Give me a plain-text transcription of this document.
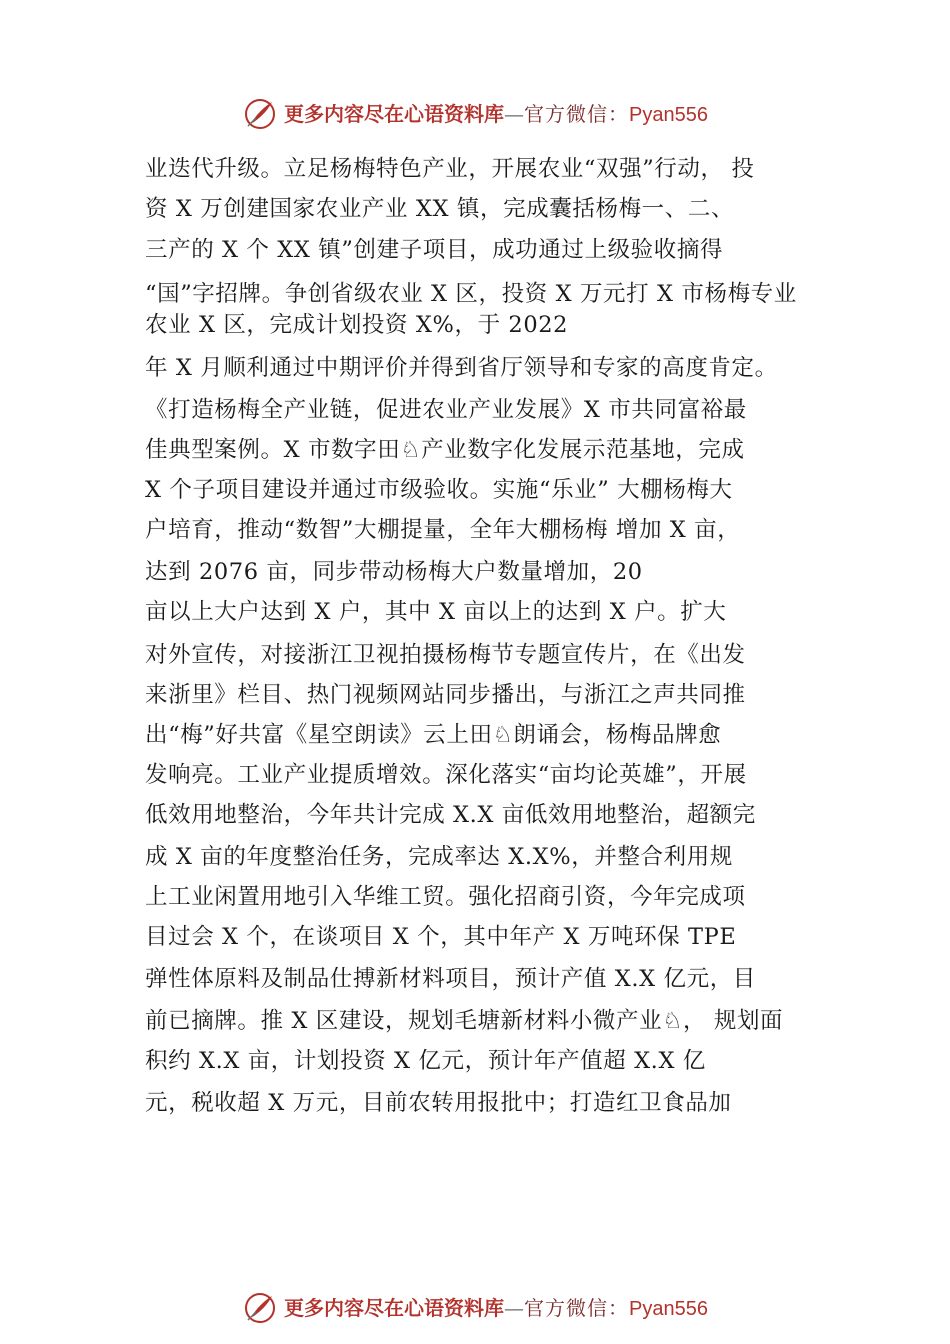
更多内容尽在心语资料库—官方微信：Pyan556
业迭代升级。立足杨梅特色产业，开展农业“双强”行动， 投
资 X 万创建国家农业产业 XX 镇，完成囊括杨梅一、二、
三产的 X 个 XX 镇”创建子项目，成功通过上级验收摘得
“国”字招牌。争创省级农业 X 区，投资 X 万元打 X 市杨梅专业
农业 X 区，完成计划投资 X%，于 2022
年 X 月顺利通过中期评价并得到省厅领导和专家的高度肯定。
《打造杨梅全产业链，促进农业产业发展》X 市共同富裕最
佳典型案例。X 市数字田♘产业数字化发展示范基地，完成
X 个子项目建设并通过市级验收。实施“乐业” 大棚杨梅大
户培育，推动“数智”大棚提量，全年大棚杨梅 增加 X 亩，
达到 2076 亩，同步带动杨梅大户数量增加，20
亩以上大户达到 X 户，其中 X 亩以上的达到 X 户。扩大
对外宣传，对接浙江卫视拍摄杨梅节专题宣传片，在《出发
来浙里》栏目、热门视频网站同步播出，与浙江之声共同推
出“梅”好共富《星空朗读》云上田♘朗诵会，杨梅品牌愈
发响亮。工业产业提质增效。深化落实“亩均论英雄”，开展
低效用地整治，今年共计完成 X.X 亩低效用地整治，超额完
成 X 亩的年度整治任务，完成率达 X.X%，并整合利用规
上工业闲置用地引入华维工贸。强化招商引资，今年完成项
目过会 X 个，在谈项目 X 个，其中年产 X 万吨环保 TPE
弹性体原料及制品仕搏新材料项目，预计产值 X.X 亿元，目
前已摘牌。推 X 区建设，规划毛塘新材料小微产业♘， 规划面
积约 X.X 亩，计划投资 X 亿元，预计年产值超 X.X 亿
元，税收超 X 万元，目前农转用报批中；打造红卫食品加
更多内容尽在心语资料库—官方微信：Pyan556
